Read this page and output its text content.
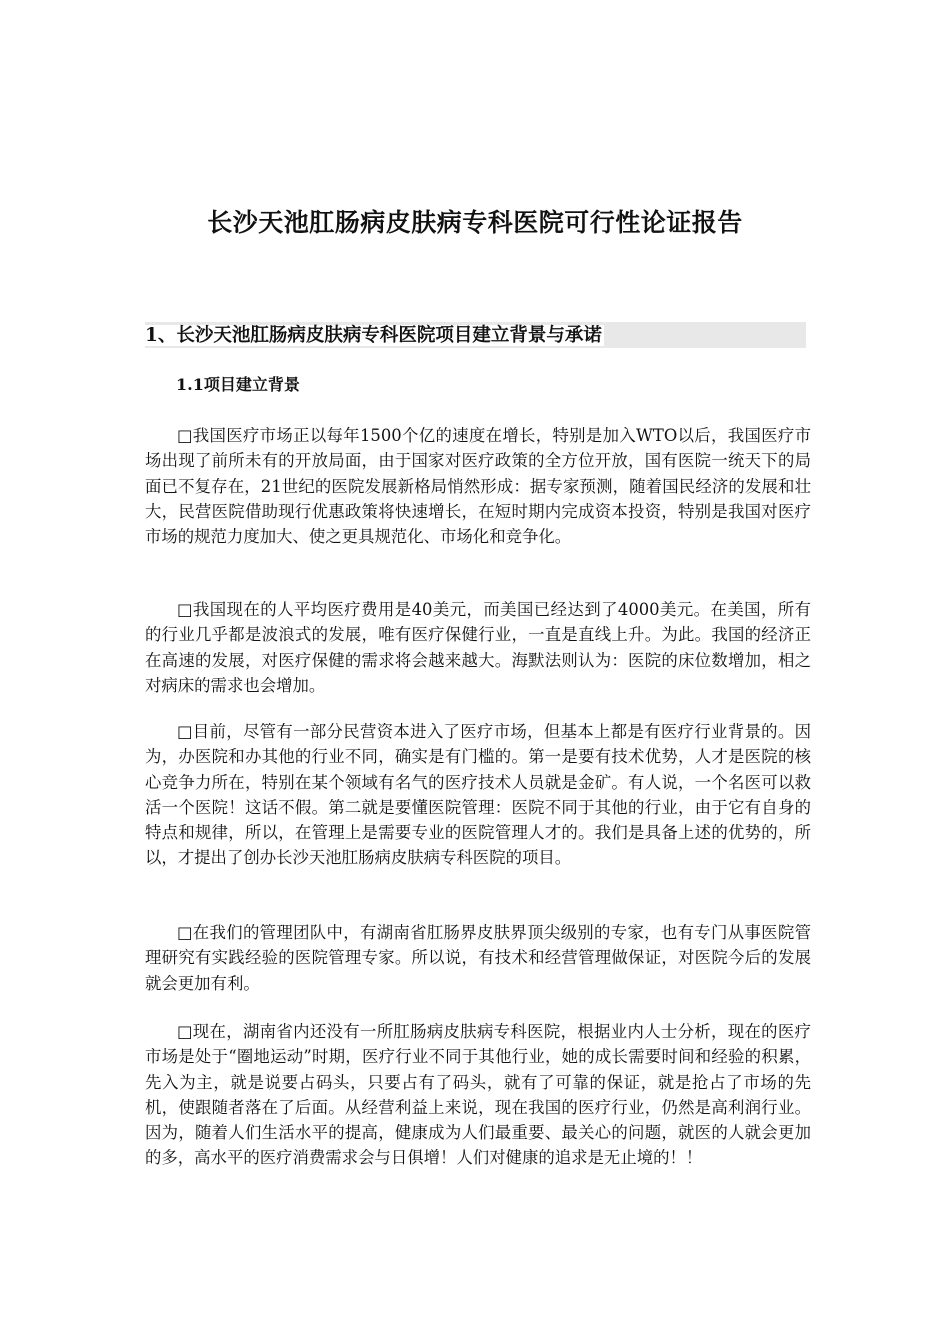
长沙天池肛肠病皮肤病专科医院可行性论证报告
1、长沙天池肛肠病皮肤病专科医院项目建立背景与承诺
1.1项目建立背景

□我国医疗市场正以每年1500个亿的速度在增长，特别是加入WTO以后，我国医疗市场出现了前所未有的开放局面，由于国家对医疗政策的全方位开放，国有医院一统天下的局面已不复存在，21世纪的医院发展新格局悄然形成：据专家预测，随着国民经济的发展和壮大，民营医院借助现行优惠政策将快速增长，在短时期内完成资本投资，特别是我国对医疗市场的规范力度加大、使之更具规范化、市场化和竞争化。

□我国现在的人平均医疗费用是40美元，而美国已经达到了4000美元。在美国，所有的行业几乎都是波浪式的发展，唯有医疗保健行业，一直是直线上升。为此。我国的经济正在高速的发展，对医疗保健的需求将会越来越大。海默法则认为：医院的床位数增加，相之对病床的需求也会增加。

□目前，尽管有一部分民营资本进入了医疗市场，但基本上都是有医疗行业背景的。因为，办医院和办其他的行业不同，确实是有门槛的。第一是要有技术优势，人才是医院的核心竞争力所在，特别在某个领域有名气的医疗技术人员就是金矿。有人说，一个名医可以救活一个医院！这话不假。第二就是要懂医院管理：医院不同于其他的行业，由于它有自身的特点和规律，所以，在管理上是需要专业的医院管理人才的。我们是具备上述的优势的，所以，才提出了创办长沙天池肛肠病皮肤病专科医院的项目。

□在我们的管理团队中，有湖南省肛肠界皮肤界顶尖级别的专家，也有专门从事医院管理研究有实践经验的医院管理专家。所以说，有技术和经营管理做保证，对医院今后的发展就会更加有利。

□现在，湖南省内还没有一所肛肠病皮肤病专科医院，根据业内人士分析，现在的医疗市场是处于“圈地运动”时期，医疗行业不同于其他行业，她的成长需要时间和经验的积累，先入为主，就是说要占码头，只要占有了码头，就有了可靠的保证，就是抢占了市场的先机，使跟随者落在了后面。从经营利益上来说，现在我国的医疗行业，仍然是高利润行业。因为，随着人们生活水平的提高，健康成为人们最重要、最关心的问题，就医的人就会更加的多，高水平的医疗消费需求会与日俱增！人们对健康的追求是无止境的！！
